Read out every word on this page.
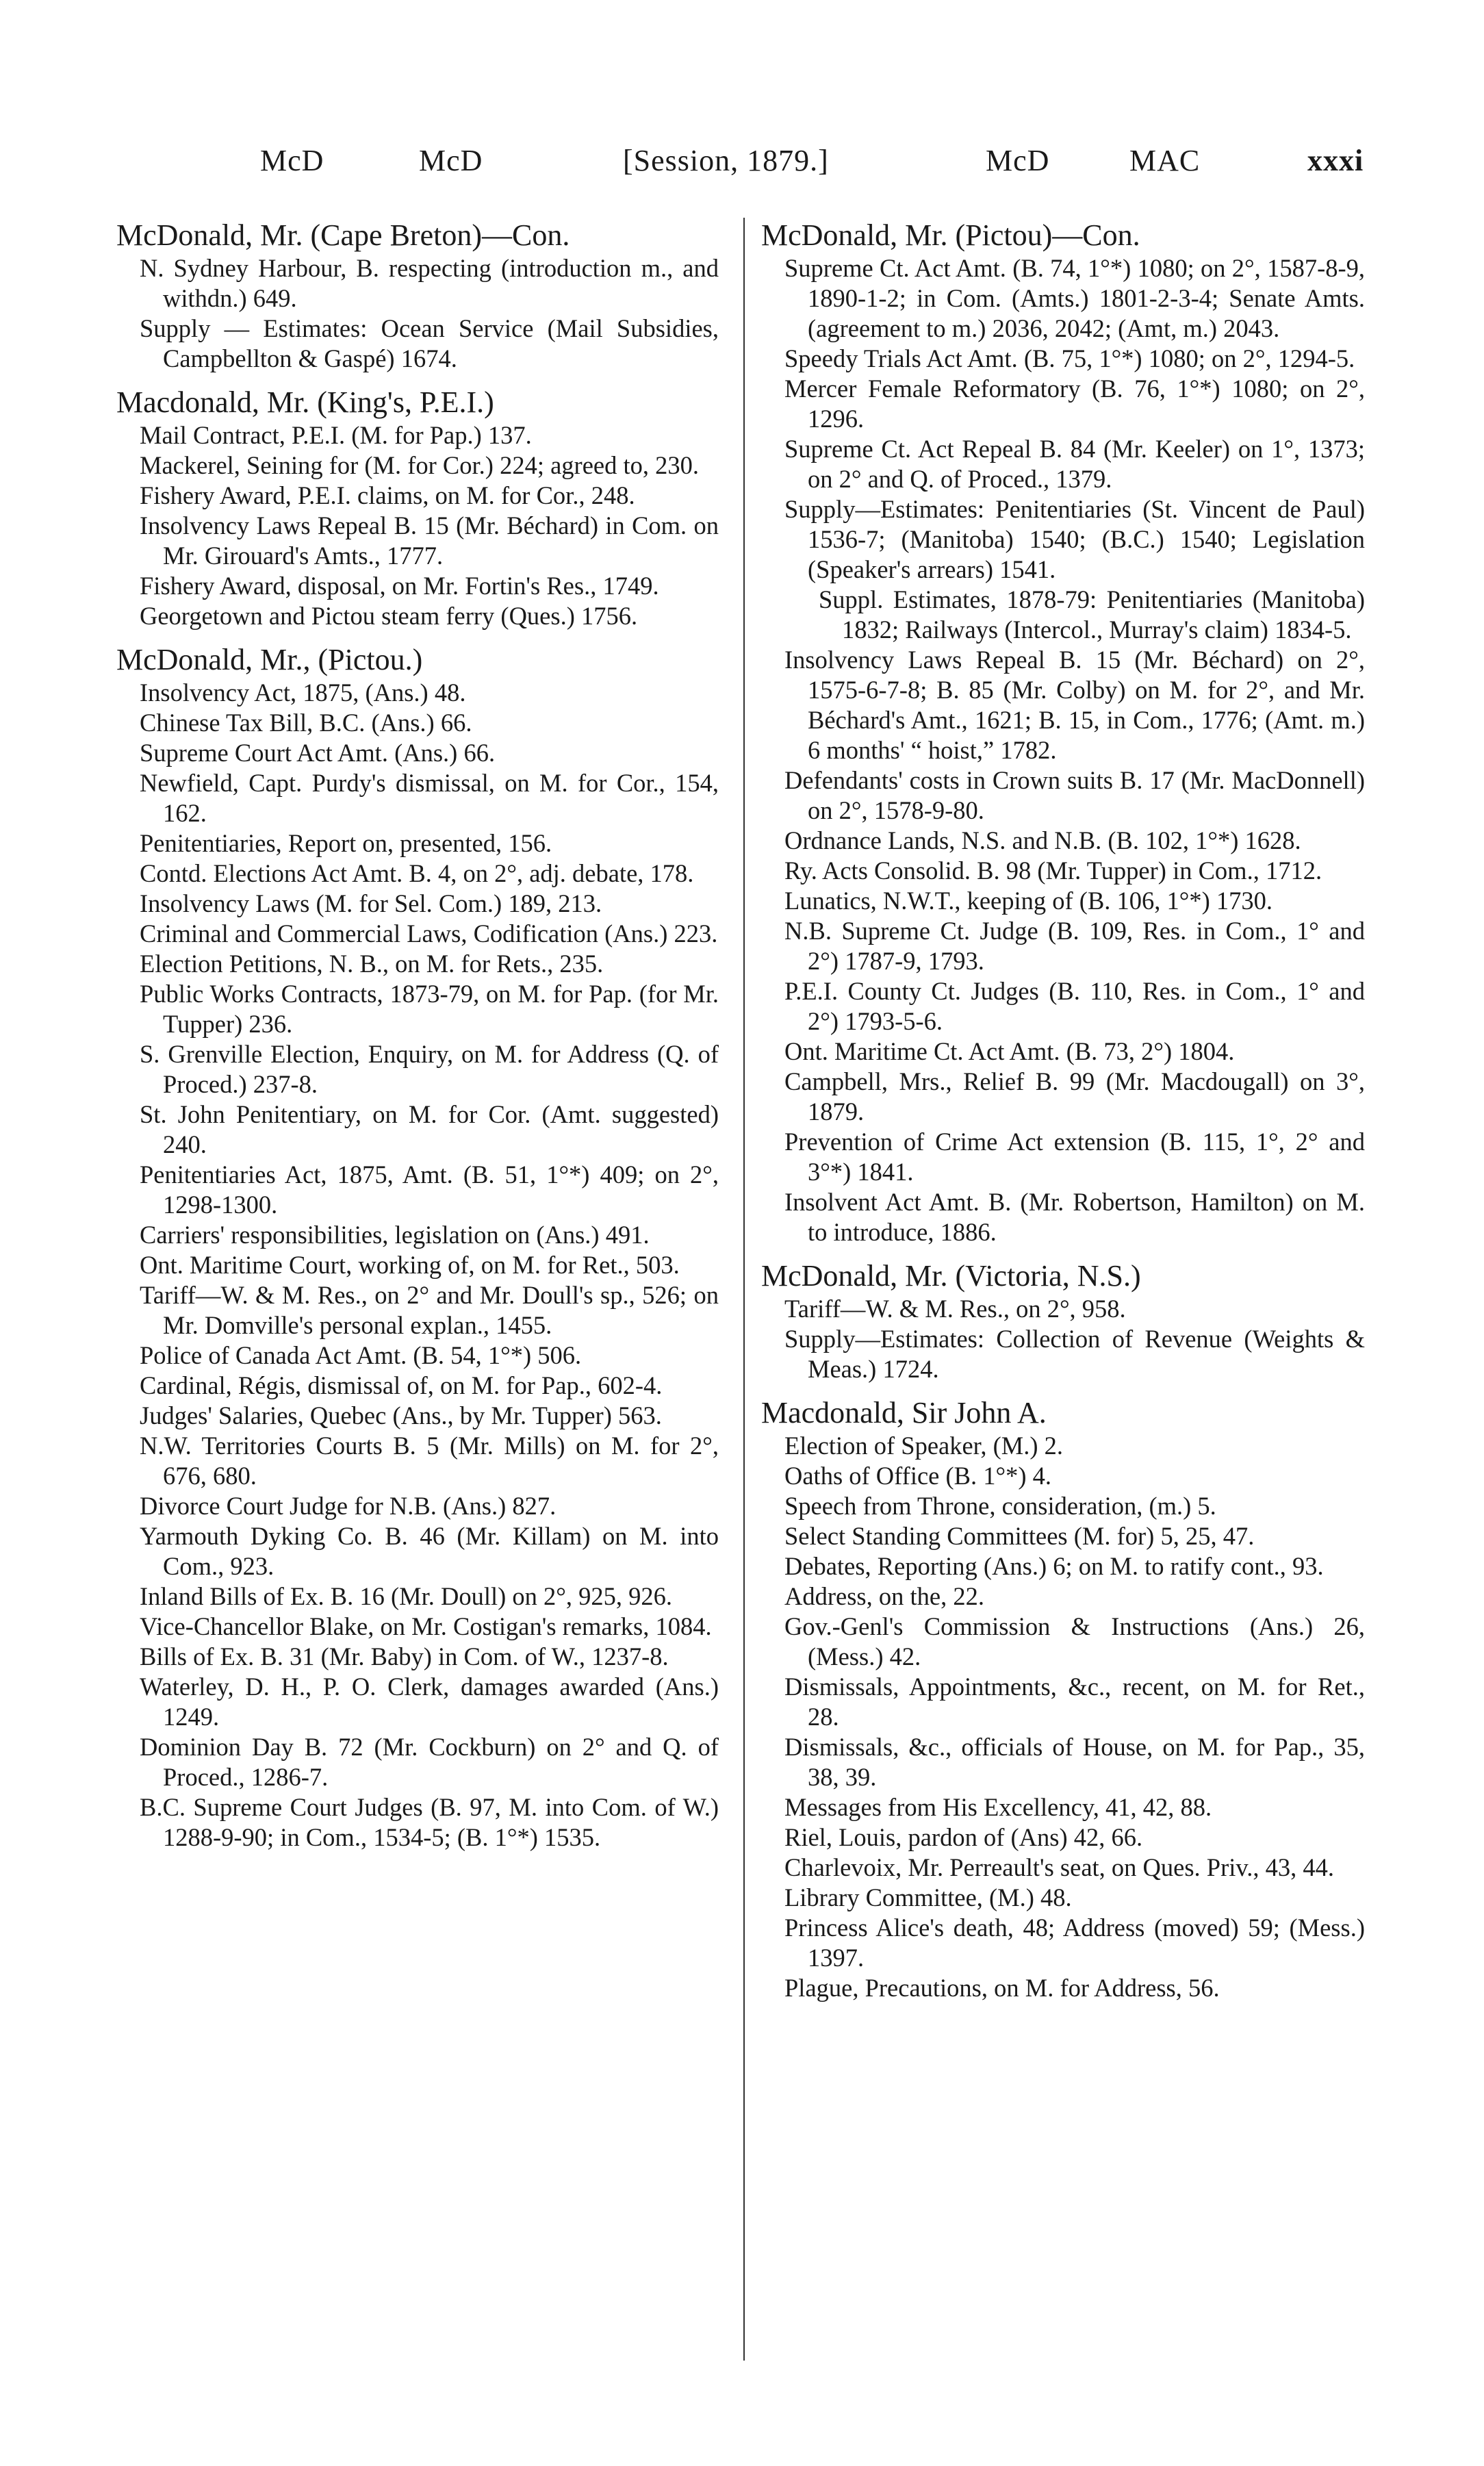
McD	McD	[Session, 1879.]	McD	MAC	xxxi
McDonald, Mr. (Cape Breton)—Con.
N. Sydney Harbour, B. respecting (introduction m., and withdn.) 649.
Supply — Estimates: Ocean Service (Mail Subsidies, Campbellton & Gaspé) 1674.
Macdonald, Mr. (King's, P.E.I.)
Mail Contract, P.E.I. (M. for Pap.) 137.
Mackerel, Seining for (M. for Cor.) 224; agreed to, 230.
Fishery Award, P.E.I. claims, on M. for Cor., 248.
Insolvency Laws Repeal B. 15 (Mr. Béchard) in Com. on Mr. Girouard's Amts., 1777.
Fishery Award, disposal, on Mr. Fortin's Res., 1749.
Georgetown and Pictou steam ferry (Ques.) 1756.
McDonald, Mr., (Pictou.)
Insolvency Act, 1875, (Ans.) 48.
Chinese Tax Bill, B.C. (Ans.) 66.
Supreme Court Act Amt. (Ans.) 66.
Newfield, Capt. Purdy's dismissal, on M. for Cor., 154, 162.
Penitentiaries, Report on, presented, 156.
Contd. Elections Act Amt. B. 4, on 2°, adj. debate, 178.
Insolvency Laws (M. for Sel. Com.) 189, 213.
Criminal and Commercial Laws, Codification (Ans.) 223.
Election Petitions, N. B., on M. for Rets., 235.
Public Works Contracts, 1873-79, on M. for Pap. (for Mr. Tupper) 236.
S. Grenville Election, Enquiry, on M. for Address (Q. of Proced.) 237-8.
St. John Penitentiary, on M. for Cor. (Amt. suggested) 240.
Penitentiaries Act, 1875, Amt. (B. 51, 1°*) 409; on 2°, 1298-1300.
Carriers' responsibilities, legislation on (Ans.) 491.
Ont. Maritime Court, working of, on M. for Ret., 503.
Tariff—W. & M. Res., on 2° and Mr. Doull's sp., 526; on Mr. Domville's personal explan., 1455.
Police of Canada Act Amt. (B. 54, 1°*) 506.
Cardinal, Régis, dismissal of, on M. for Pap., 602-4.
Judges' Salaries, Quebec (Ans., by Mr. Tupper) 563.
N.W. Territories Courts B. 5 (Mr. Mills) on M. for 2°, 676, 680.
Divorce Court Judge for N.B. (Ans.) 827.
Yarmouth Dyking Co. B. 46 (Mr. Killam) on M. into Com., 923.
Inland Bills of Ex. B. 16 (Mr. Doull) on 2°, 925, 926.
Vice-Chancellor Blake, on Mr. Costigan's remarks, 1084.
Bills of Ex. B. 31 (Mr. Baby) in Com. of W., 1237-8.
Waterley, D. H., P. O. Clerk, damages awarded (Ans.) 1249.
Dominion Day B. 72 (Mr. Cockburn) on 2° and Q. of Proced., 1286-7.
B.C. Supreme Court Judges (B. 97, M. into Com. of W.) 1288-9-90; in Com., 1534-5; (B. 1°*) 1535.
McDonald, Mr. (Pictou)—Con.
Supreme Ct. Act Amt. (B. 74, 1°*) 1080; on 2°, 1587-8-9, 1890-1-2; in Com. (Amts.) 1801-2-3-4; Senate Amts. (agreement to m.) 2036, 2042; (Amt, m.) 2043.
Speedy Trials Act Amt. (B. 75, 1°*) 1080; on 2°, 1294-5.
Mercer Female Reformatory (B. 76, 1°*) 1080; on 2°, 1296.
Supreme Ct. Act Repeal B. 84 (Mr. Keeler) on 1°, 1373; on 2° and Q. of Proced., 1379.
Supply—Estimates: Penitentiaries (St. Vincent de Paul) 1536-7; (Manitoba) 1540; (B.C.) 1540; Legislation (Speaker's arrears) 1541.
Suppl. Estimates, 1878-79: Penitentiaries (Manitoba) 1832; Railways (Intercol., Murray's claim) 1834-5.
Insolvency Laws Repeal B. 15 (Mr. Béchard) on 2°, 1575-6-7-8; B. 85 (Mr. Colby) on M. for 2°, and Mr. Béchard's Amt., 1621; B. 15, in Com., 1776; (Amt. m.) 6 months' “ hoist,” 1782.
Defendants' costs in Crown suits B. 17 (Mr. MacDonnell) on 2°, 1578-9-80.
Ordnance Lands, N.S. and N.B. (B. 102, 1°*) 1628.
Ry. Acts Consolid. B. 98 (Mr. Tupper) in Com., 1712.
Lunatics, N.W.T., keeping of (B. 106, 1°*) 1730.
N.B. Supreme Ct. Judge (B. 109, Res. in Com., 1° and 2°) 1787-9, 1793.
P.E.I. County Ct. Judges (B. 110, Res. in Com., 1° and 2°) 1793-5-6.
Ont. Maritime Ct. Act Amt. (B. 73, 2°) 1804.
Campbell, Mrs., Relief B. 99 (Mr. Macdougall) on 3°, 1879.
Prevention of Crime Act extension (B. 115, 1°, 2° and 3°*) 1841.
Insolvent Act Amt. B. (Mr. Robertson, Hamilton) on M. to introduce, 1886.
McDonald, Mr. (Victoria, N.S.)
Tariff—W. & M. Res., on 2°, 958.
Supply—Estimates: Collection of Revenue (Weights & Meas.) 1724.
Macdonald, Sir John A.
Election of Speaker, (M.) 2.
Oaths of Office (B. 1°*) 4.
Speech from Throne, consideration, (m.) 5.
Select Standing Committees (M. for) 5, 25, 47.
Debates, Reporting (Ans.) 6; on M. to ratify cont., 93.
Address, on the, 22.
Gov.-Genl's Commission & Instructions (Ans.) 26, (Mess.) 42.
Dismissals, Appointments, &c., recent, on M. for Ret., 28.
Dismissals, &c., officials of House, on M. for Pap., 35, 38, 39.
Messages from His Excellency, 41, 42, 88.
Riel, Louis, pardon of (Ans) 42, 66.
Charlevoix, Mr. Perreault's seat, on Ques. Priv., 43, 44.
Library Committee, (M.) 48.
Princess Alice's death, 48; Address (moved) 59; (Mess.) 1397.
Plague, Precautions, on M. for Address, 56.
